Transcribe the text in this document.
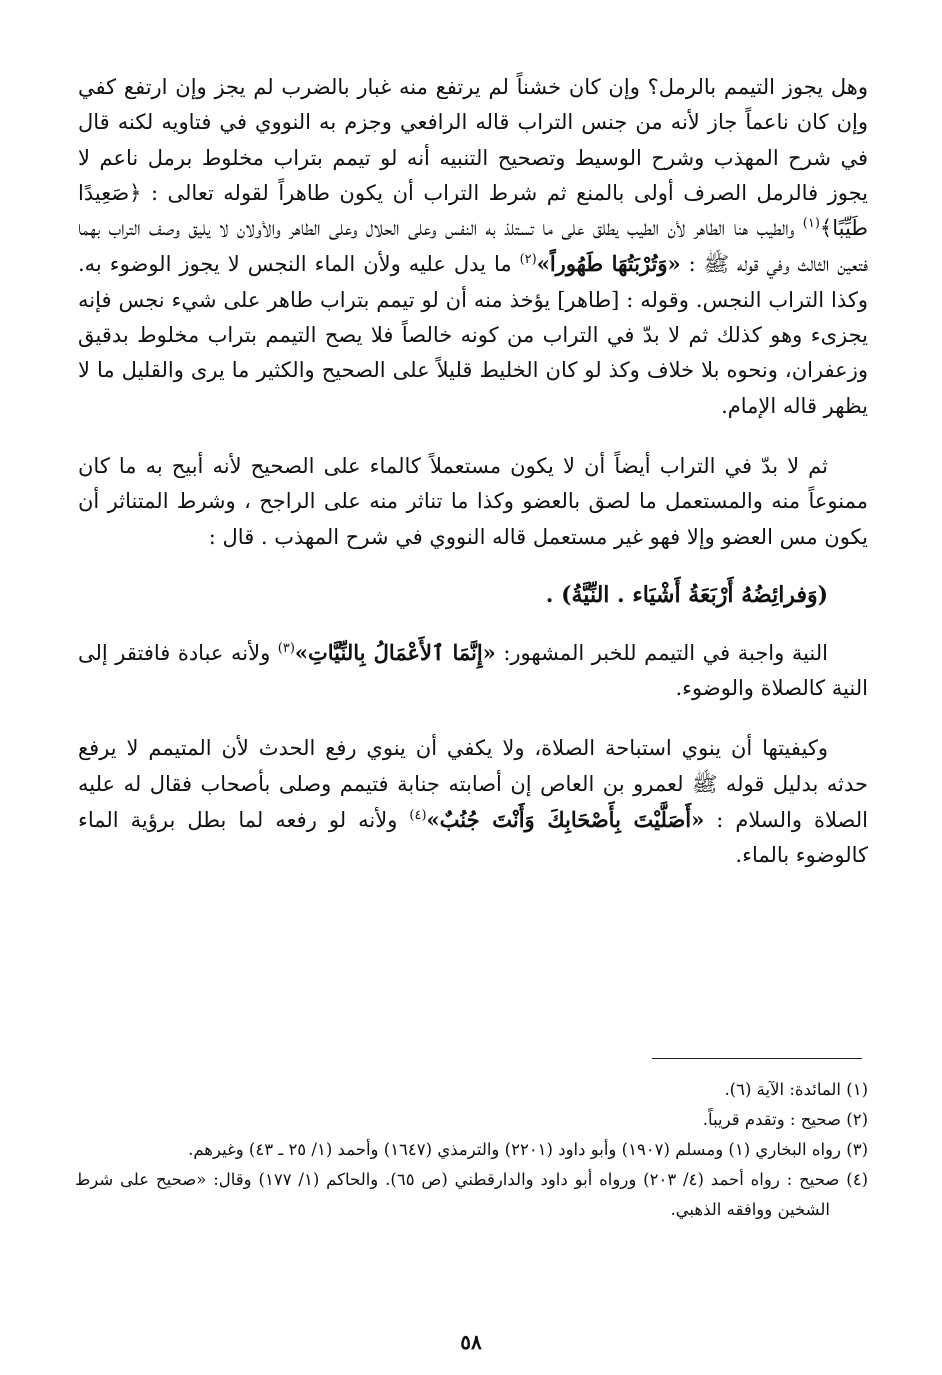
وهل يجوز التيمم بالرمل؟ وإن كان خشناً لم يرتفع منه غبار بالضرب لم يجز وإن ارتفع كفي وإن كان ناعماً جاز لأنه من جنس التراب قاله الرافعي وجزم به النووي في فتاويه لكنه قال في شرح المهذب وشرح الوسيط وتصحيح التنبيه أنه لو تيمم بتراب مخلوط برمل ناعم لا يجوز فالرمل الصرف أولى بالمنع ثم شرط التراب أن يكون طاهراً لقوله تعالى : ﴿صَعِيدًا طَيِّبًا﴾$^{(١)}$ والطيب هنا الطاهر لأن الطيب يطلق على ما تستلذ به النفس وعلى الحلال وعلى الطاهر والأولان لا يليق وصف التراب بهما فتعين الثالث وفي قوله ﷺ : «وَتُرْبَتُهَا طَهُوراً»$^{(٢)}$ ما يدل عليه ولأن الماء النجس لا يجوز الوضوء به. وكذا التراب النجس. وقوله : [طاهر] يؤخذ منه أن لو تيمم بتراب طاهر على شيء نجس فإنه يجزىء وهو كذلك ثم لا بدّ في التراب من كونه خالصاً فلا يصح التيمم بتراب مخلوط بدقيق وزعفران، ونحوه بلا خلاف وكذ لو كان الخليط قليلاً على الصحيح والكثير ما يرى والقليل ما لا يظهر قاله الإمام.

ثم لا بدّ في التراب أيضاً أن لا يكون مستعملاً كالماء على الصحيح لأنه أبيح به ما كان ممنوعاً منه والمستعمل ما لصق بالعضو وكذا ما تناثر منه على الراجح ، وشرط المتناثر أن يكون مس العضو وإلا فهو غير مستعمل قاله النووي في شرح المهذب . قال :

(وَفرائِضُهُ أَرْبَعَةُ أَشْيَاء . النِّيَّةُ) .

النية واجبة في التيمم للخبر المشهور: «إِنَّمَا ٱلأَعْمَالُ بِالنِّيَّاتِ»$^{(٣)}$ ولأنه عبادة فافتقر إلى النية كالصلاة والوضوء.

وكيفيتها أن ينوي استباحة الصلاة، ولا يكفي أن ينوي رفع الحدث لأن المتيمم لا يرفع حدثه بدليل قوله ﷺ لعمرو بن العاص إن أصابته جنابة فتيمم وصلى بأصحاب فقال له عليه الصلاة والسلام : «أَصَلَّيْتَ بِأَصْحَابِكَ وَأَنْتَ جُنُبٌ»$^{(٤)}$ ولأنه لو رفعه لما بطل برؤية الماء كالوضوء بالماء.

(١) المائدة: الآية (٦).

(٢) صحيح : وتقدم قريباً.

(٣) رواه البخاري (١) ومسلم (١٩٠٧) وأبو داود (٢٢٠١) والترمذي (١٦٤٧) وأحمد (١/ ٢٥ ـ ٤٣) وغيرهم.

(٤) صحيح : رواه أحمد (٤/ ٢٠٣) ورواه أبو داود والدارقطني (ص ٦٥). والحاكم (١/ ١٧٧) وقال: «صحيح على شرط الشخين ووافقه الذهبي.

٥٨
